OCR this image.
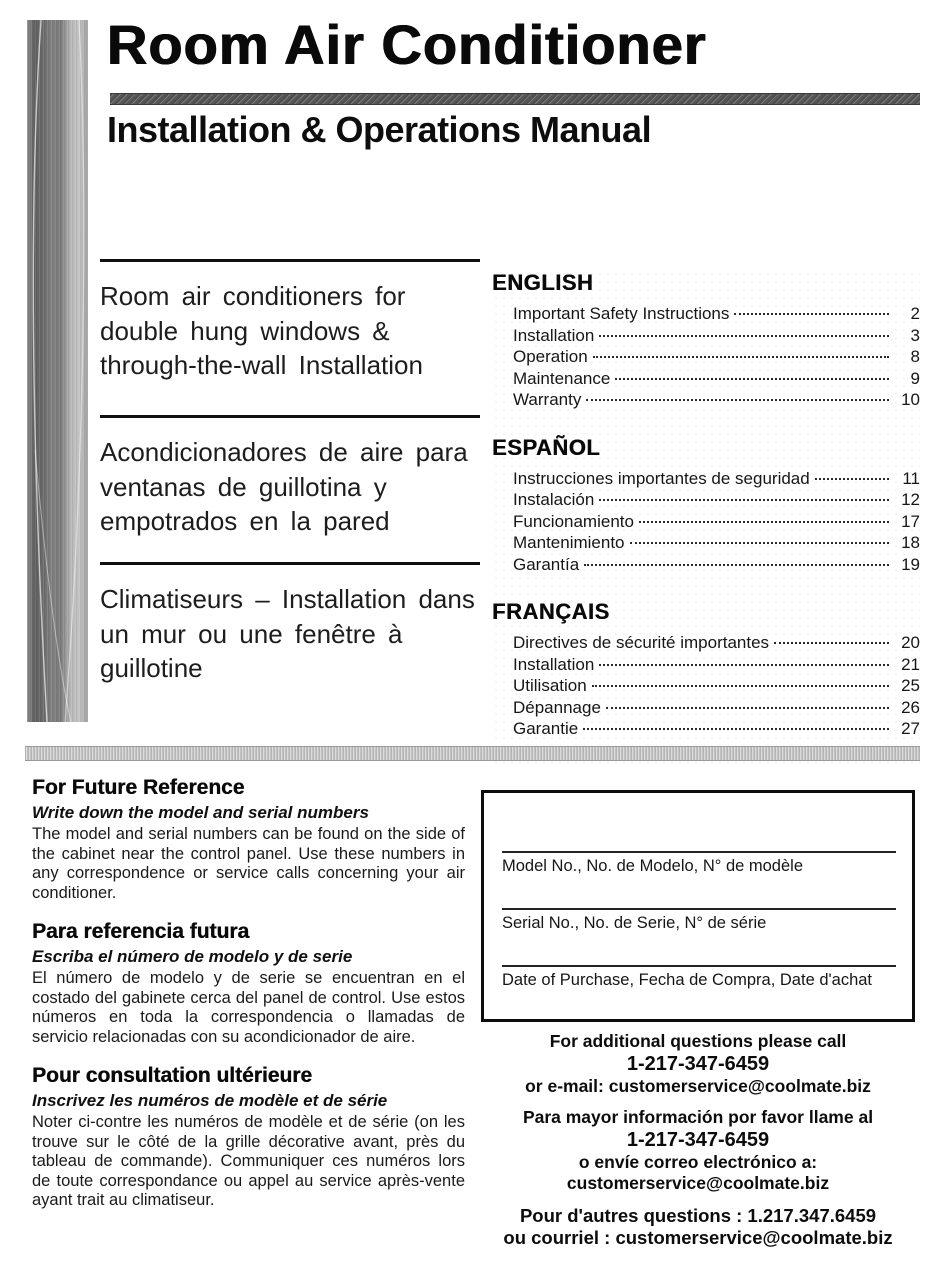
Room Air Conditioner
Installation & Operations Manual
Room air conditioners for
double hung windows &
through-the-wall Installation
Acondicionadores de aire para
ventanas de guillotina y
empotrados en la pared
Climatiseurs – Installation dans
un mur ou une fenêtre à
guillotine
ENGLISH
Important Safety Instructions	2
Installation	3
Operation	8
Maintenance	9
Warranty	10
ESPAÑOL
Instrucciones importantes de seguridad	11
Instalación	12
Funcionamiento	17
Mantenimiento	18
Garantía	19
FRANÇAIS
Directives de sécurité importantes	20
Installation	21
Utilisation	25
Dépannage	26
Garantie	27
For Future Reference
Write down the model and serial numbers
The model and serial numbers can be found on the side of the cabinet near the control panel. Use these numbers in any correspondence or service calls concerning your air conditioner.
Para referencia futura
Escriba el número de modelo y de serie
El número de modelo y de serie se encuentran en el costado del gabinete cerca del panel de control. Use estos números en toda la correspondencia o llamadas de servicio relacionadas con su acondicionador de aire.
Pour consultation ultérieure
Inscrivez les numéros de modèle et de série
Noter ci-contre les numéros de modèle et de série (on les trouve sur le côté de la grille décorative avant, près du tableau de commande). Communiquer ces numéros lors de toute correspondance ou appel au service après-vente ayant trait au climatiseur.
Model No., No. de Modelo, N° de modèle
Serial No., No. de Serie, N° de série
Date of Purchase, Fecha de Compra, Date d'achat
For additional questions please call
1-217-347-6459
or e-mail: customerservice@coolmate.biz
Para mayor información por favor llame al
1-217-347-6459
o envíe correo electrónico a:
customerservice@coolmate.biz
Pour d'autres questions : 1.217.347.6459
ou courriel : customerservice@coolmate.biz
